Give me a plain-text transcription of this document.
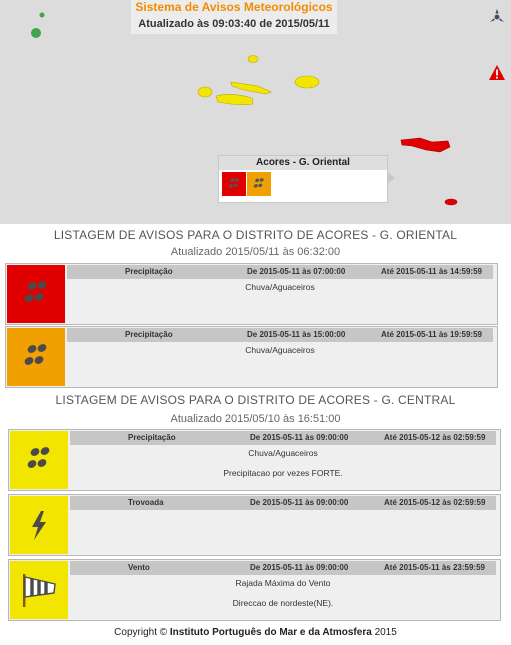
Sistema de Avisos Meteorológicos
Atualizado às 09:03:40 de 2015/05/11
Acores - G. Oriental
LISTAGEM DE AVISOS PARA O DISTRITO DE ACORES - G. ORIENTAL
Atualizado 2015/05/11 às 06:32:00
Precipitação	De 2015-05-11 às 07:00:00	Até 2015-05-11 às 14:59:59
Chuva/Aguaceiros
Precipitação	De 2015-05-11 às 15:00:00	Até 2015-05-11 às 19:59:59
Chuva/Aguaceiros
LISTAGEM DE AVISOS PARA O DISTRITO DE ACORES - G. CENTRAL
Atualizado 2015/05/10 às 16:51:00
Precipitação	De 2015-05-11 às 09:00:00	Até 2015-05-12 às 02:59:59
Chuva/Aguaceiros
Precipitacao por vezes FORTE.
Trovoada	De 2015-05-11 às 09:00:00	Até 2015-05-12 às 02:59:59
Vento	De 2015-05-11 às 09:00:00	Até 2015-05-11 às 23:59:59
Rajada Máxima do Vento
Direccao de nordeste(NE).
Copyright © Instituto Português do Mar e da Atmosfera 2015
